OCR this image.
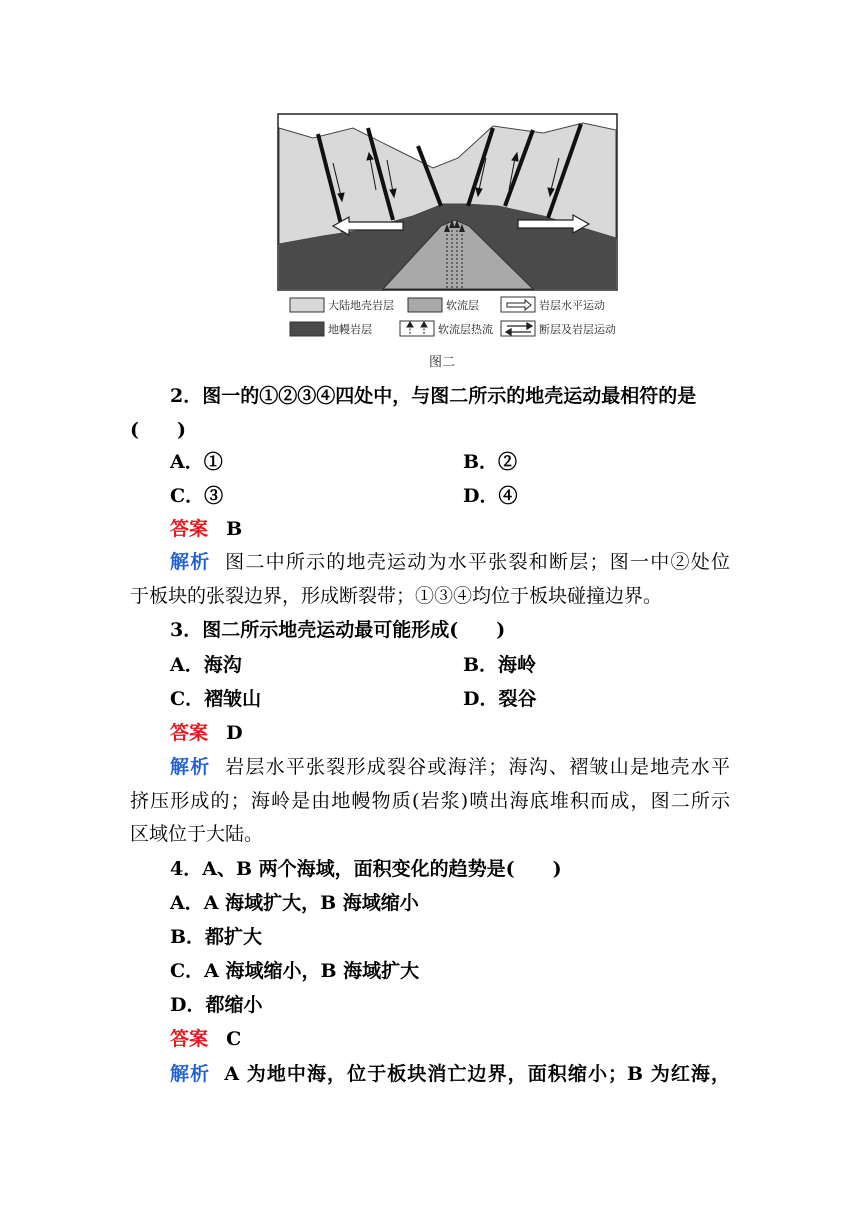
大陆地壳岩层	软流层	岩层水平运动
地幔岩层	软流层热流	断层及岩层运动
图二
2．图一的①②③④四处中，与图二所示的地壳运动最相符的是
(　　)
A．①	B．②
C．③	D．④
答案 B
解析 图二中所示的地壳运动为水平张裂和断层；图一中②处位
于板块的张裂边界，形成断裂带；①③④均位于板块碰撞边界。
3．图二所示地壳运动最可能形成(　　)
A．海沟	B．海岭
C．褶皱山	D．裂谷
答案 D
解析 岩层水平张裂形成裂谷或海洋；海沟、褶皱山是地壳水平
挤压形成的；海岭是由地幔物质(岩浆)喷出海底堆积而成，图二所示
区域位于大陆。
4．A、B 两个海域，面积变化的趋势是(　　)
A．A 海域扩大，B 海域缩小
B．都扩大
C．A 海域缩小，B 海域扩大
D．都缩小
答案 C
解析 A 为地中海，位于板块消亡边界，面积缩小；B 为红海，
